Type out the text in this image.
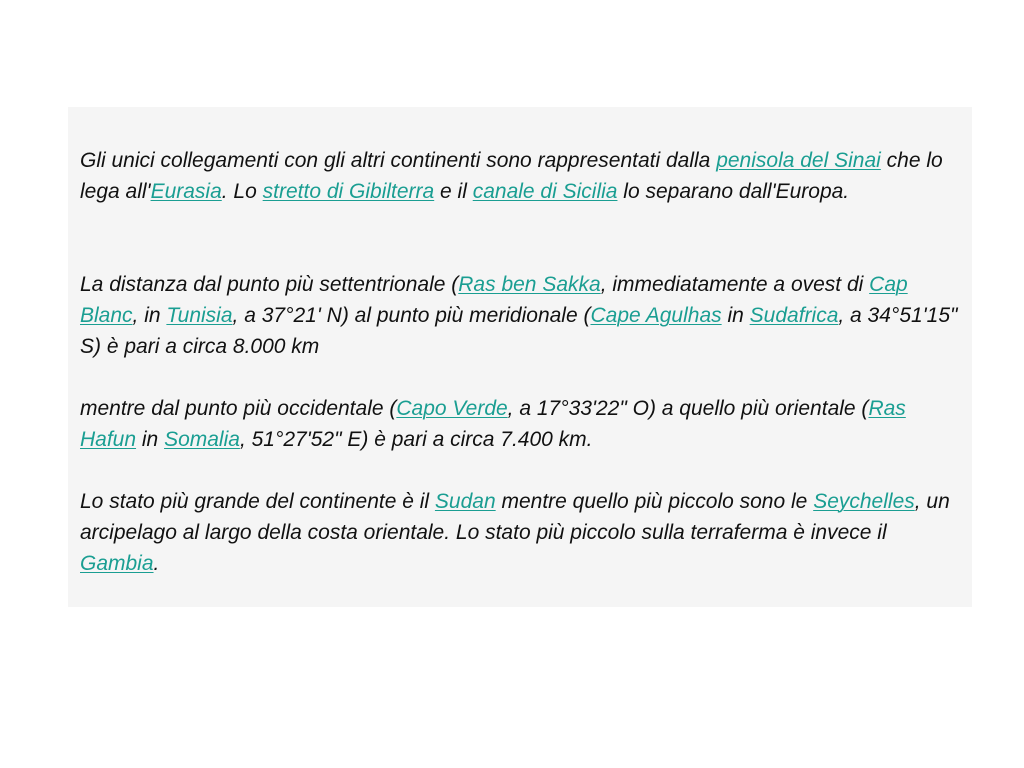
Gli unici collegamenti con gli altri continenti sono rappresentati dalla penisola del Sinai che lo lega all'Eurasia. Lo stretto di Gibilterra e il canale di Sicilia lo separano dall'Europa.

La distanza dal punto più settentrionale (Ras ben Sakka, immediatamente a ovest di Cap Blanc, in Tunisia, a 37°21' N) al punto più meridionale (Cape Agulhas in Sudafrica, a 34°51'15" S) è pari a circa 8.000 km

mentre dal punto più occidentale (Capo Verde, a 17°33'22" O) a quello più orientale (Ras Hafun in Somalia, 51°27'52" E) è pari a circa 7.400 km.

Lo stato più grande del continente è il Sudan mentre quello più piccolo sono le Seychelles, un arcipelago al largo della costa orientale. Lo stato più piccolo sulla terraferma è invece il Gambia.
